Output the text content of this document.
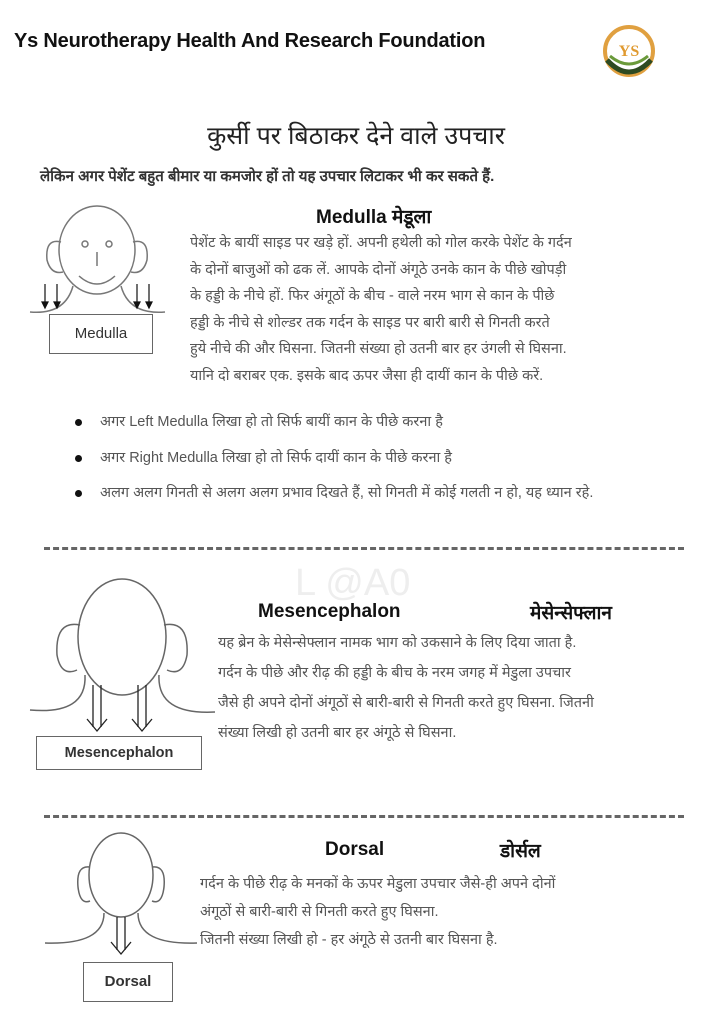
Ys Neurotherapy Health And Research Foundation	YS
कुर्सी पर बिठाकर देने वाले उपचार
लेकिन अगर पेशेंट बहुत बीमार या कमजोर हों तो यह उपचार लिटाकर भी कर सकते हैं.
Medulla मेडूला
Medulla
पेशेंट के बायीं साइड पर खड़े हों. अपनी हथेली को गोल करके पेशेंट के गर्दन
के दोनों बाजुओं को ढक लें. आपके दोनों अंगूठे उनके कान के पीछे खोपड़ी
के हड्डी के नीचे हों. फिर अंगूठों के बीच - वाले नरम भाग से कान के पीछे
हड्डी के नीचे से शोल्डर तक गर्दन के साइड पर बारी बारी से गिनती करते
हुये नीचे की और घिसना. जितनी संख्या हो उतनी बार हर उंगली से घिसना.
यानि दो बराबर एक. इसके बाद ऊपर जैसा ही दायीं कान के पीछे करें.
अगर Left Medulla लिखा हो तो सिर्फ बायीं कान के पीछे करना है
अगर Right Medulla लिखा हो तो सिर्फ दायीं कान के पीछे करना है
अलग अलग गिनती से अलग अलग प्रभाव दिखते हैं, सो गिनती में कोई गलती न हो, यह ध्यान रहे.
L @A0
Mesencephalon	मेसेन्सेफ्लान
Mesencephalon
यह ब्रेन के मेसेन्सेफ्लान नामक भाग को उकसाने के लिए दिया जाता है.
गर्दन के पीछे और रीढ़ की हड्डी के बीच के नरम जगह में मेडुला उपचार
जैसे ही अपने दोनों अंगूठों से बारी-बारी से गिनती करते हुए घिसना. जितनी
संख्या लिखी हो उतनी बार हर अंगूठे से घिसना.
Dorsal	डोर्सल
Dorsal
गर्दन के पीछे रीढ़ के मनकों के ऊपर मेडुला उपचार जैसे-ही अपने दोनों
अंगूठों से बारी-बारी से गिनती करते हुए घिसना.
जितनी संख्या लिखी हो - हर अंगूठे से उतनी बार घिसना है.
